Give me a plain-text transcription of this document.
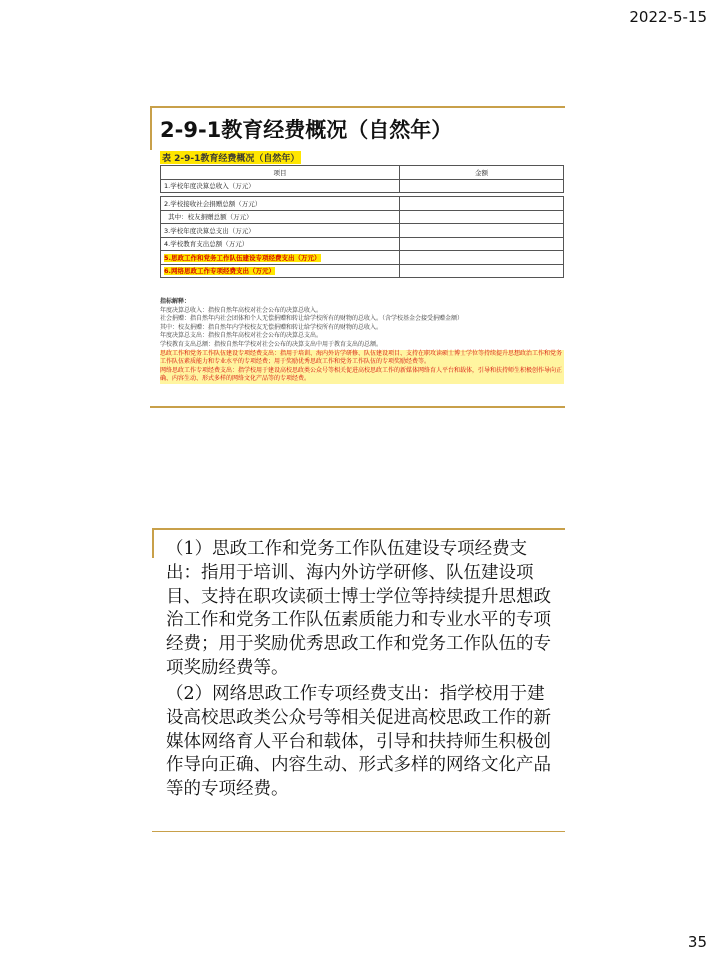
2022-5-15
2-9-1教育经费概况（自然年）
表 2-9-1教育经费概况（自然年）
项目	金额
1.学校年度决算总收入（万元）	

2.学校接收社会捐赠总额（万元）	
其中：校友捐赠总额（万元）	
3.学校年度决算总支出（万元）	
4.学校教育支出总额（万元）	
5.思政工作和党务工作队伍建设专项经费支出（万元）	
6.网络思政工作专项经费支出（万元）	
指标解释：
年度决算总收入：指按自然年高校对社会公布的决算总收入。
社会捐赠：指自然年内社会团体和个人无偿捐赠和转让给学校所有的财物的总收入。（含学校基金会接受捐赠金额）
其中：校友捐赠：指自然年内学校校友无偿捐赠和转让给学校所有的财物的总收入。
年度决算总支出：指按自然年高校对社会公布的决算总支出。
学校教育支出总额：指按自然年学校对社会公布的决算支出中用于教育支出的总额。
思政工作和党务工作队伍建设专项经费支出：指用于培训、海内外访学研修、队伍建设项目、支持在职攻读硕士博士学位等持续提升思想政治工作和党务工作队伍素质能力和专业水平的专项经费；用于奖励优秀思政工作和党务工作队伍的专项奖励经费等。
网络思政工作专项经费支出：指学校用于建设高校思政类公众号等相关促进高校思政工作的新媒体网络育人平台和载体，引导和扶持师生积极创作导向正确、内容生动、形式多样的网络文化产品等的专项经费。
（1）思政工作和党务工作队伍建设专项经费支出：指用于培训、海内外访学研修、队伍建设项目、支持在职攻读硕士博士学位等持续提升思想政治工作和党务工作队伍素质能力和专业水平的专项经费；用于奖励优秀思政工作和党务工作队伍的专项奖励经费等。
（2）网络思政工作专项经费支出：指学校用于建设高校思政类公众号等相关促进高校思政工作的新媒体网络育人平台和载体，引导和扶持师生积极创作导向正确、内容生动、形式多样的网络文化产品等的专项经费。
35
